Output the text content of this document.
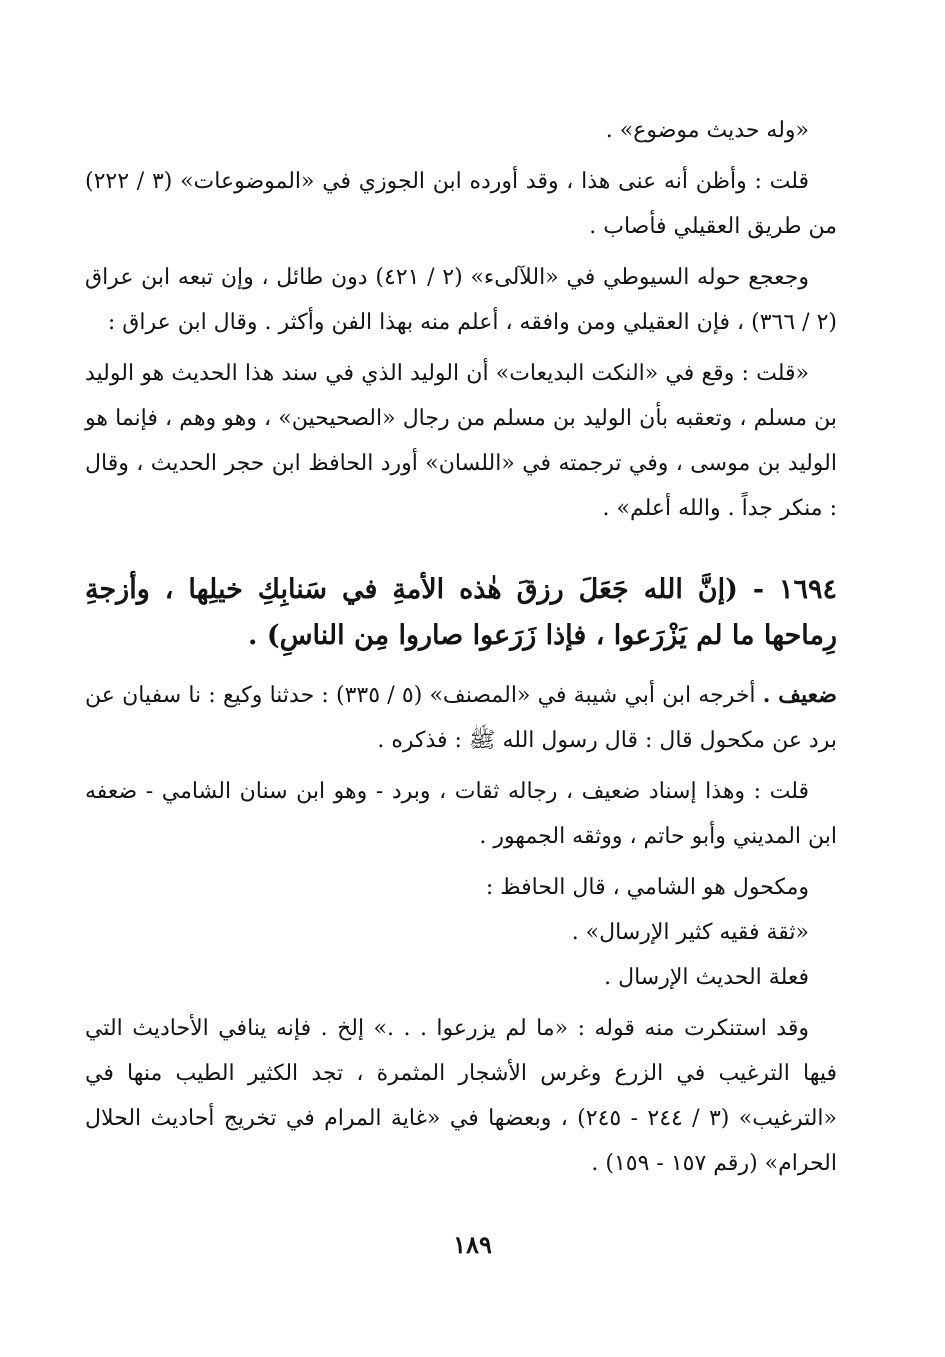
«وله حديث موضوع» .

قلت : وأظن أنه عنى هذا ، وقد أورده ابن الجوزي في «الموضوعات» (٣ / ٢٢٢) من طريق العقيلي فأصاب .

وجعجع حوله السيوطي في «اللآلىء» (٢ / ٤٢١) دون طائل ، وإن تبعه ابن عراق (٢ / ٣٦٦) ، فإن العقيلي ومن وافقه ، أعلم منه بهذا الفن وأكثر . وقال ابن عراق :

«قلت : وقع في «النكت البديعات» أن الوليد الذي في سند هذا الحديث هو الوليد بن مسلم ، وتعقبه بأن الوليد بن مسلم من رجال «الصحيحين» ، وهو وهم ، فإنما هو الوليد بن موسى ، وفي ترجمته في «اللسان» أورد الحافظ ابن حجر الحديث ، وقال : منكر جداً . والله أعلم» .

١٦٩٤ - (إنَّ الله جَعَلَ رزقَ هٰذه الأمةِ في سَنابِكِ خيلِها ، وأزجةِ رِماحها ما لم يَزْرَعوا ، فإذا زَرَعوا صاروا مِن الناسِ) .

ضعيف . أخرجه ابن أبي شيبة في «المصنف» (٥ / ٣٣٥) : حدثنا وكيع : نا سفيان عن برد عن مكحول قال : قال رسول الله ﷺ : فذكره .

قلت : وهذا إسناد ضعيف ، رجاله ثقات ، وبرد - وهو ابن سنان الشامي - ضعفه ابن المديني وأبو حاتم ، ووثقه الجمهور .

ومكحول هو الشامي ، قال الحافظ :

«ثقة فقيه كثير الإرسال» .

فعلة الحديث الإرسال .

وقد استنكرت منه قوله : «ما لم يزرعوا . . .» إلخ . فإنه ينافي الأحاديث التي فيها الترغيب في الزرع وغرس الأشجار المثمرة ، تجد الكثير الطيب منها في «الترغيب» (٣ / ٢٤٤ - ٢٤٥) ، وبعضها في «غاية المرام في تخريج أحاديث الحلال الحرام» (رقم ١٥٧ - ١٥٩) .

١٨٩
